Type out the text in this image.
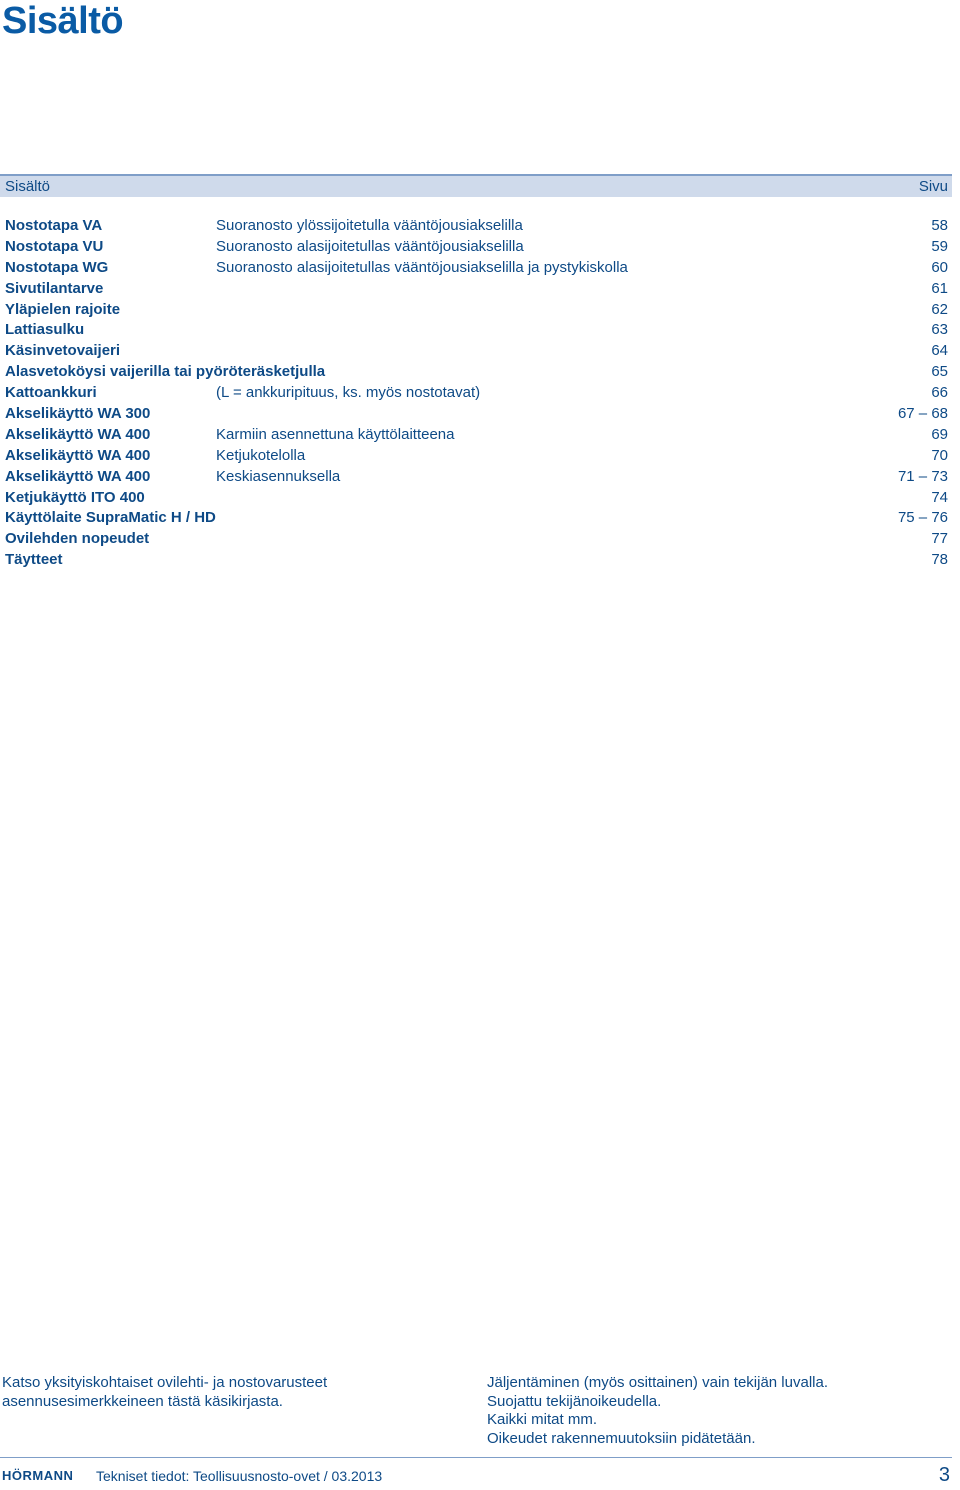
Sisältö
Sisältö	Sivu
Nostotapa VA	Suoranosto ylössijoitetulla vääntöjousiakselilla	58
Nostotapa VU	Suoranosto alasijoitetullas vääntöjousiakselilla	59
Nostotapa WG	Suoranosto alasijoitetullas vääntöjousiakselilla ja pystykiskolla	60
Sivutilantarve	61
Yläpielen rajoite	62
Lattiasulku	63
Käsinvetovaijeri	64
Alasvetoköysi vaijerilla tai pyöröteräsketjulla	65
Kattoankkuri	(L = ankkuripituus, ks. myös nostotavat)	66
Akselikäyttö WA 300	67 – 68
Akselikäyttö WA 400	Karmiin asennettuna käyttölaitteena	69
Akselikäyttö WA 400	Ketjukotelolla	70
Akselikäyttö WA 400	Keskiasennuksella	71 – 73
Ketjukäyttö ITO 400	74
Käyttölaite SupraMatic H / HD	75 – 76
Ovilehden nopeudet	77
Täytteet	78

Katso yksityiskohtaiset ovilehti- ja nostovarusteet

asennusesimerkkeineen tästä käsikirjasta.

Jäljentäminen (myös osittainen) vain tekijän luvalla.

Suojattu tekijänoikeudella.

Kaikki mitat mm.

Oikeudet rakennemuutoksiin pidätetään.

HÖRMANN Tekniset tiedot: Teollisuusnosto-ovet / 03.2013	3
